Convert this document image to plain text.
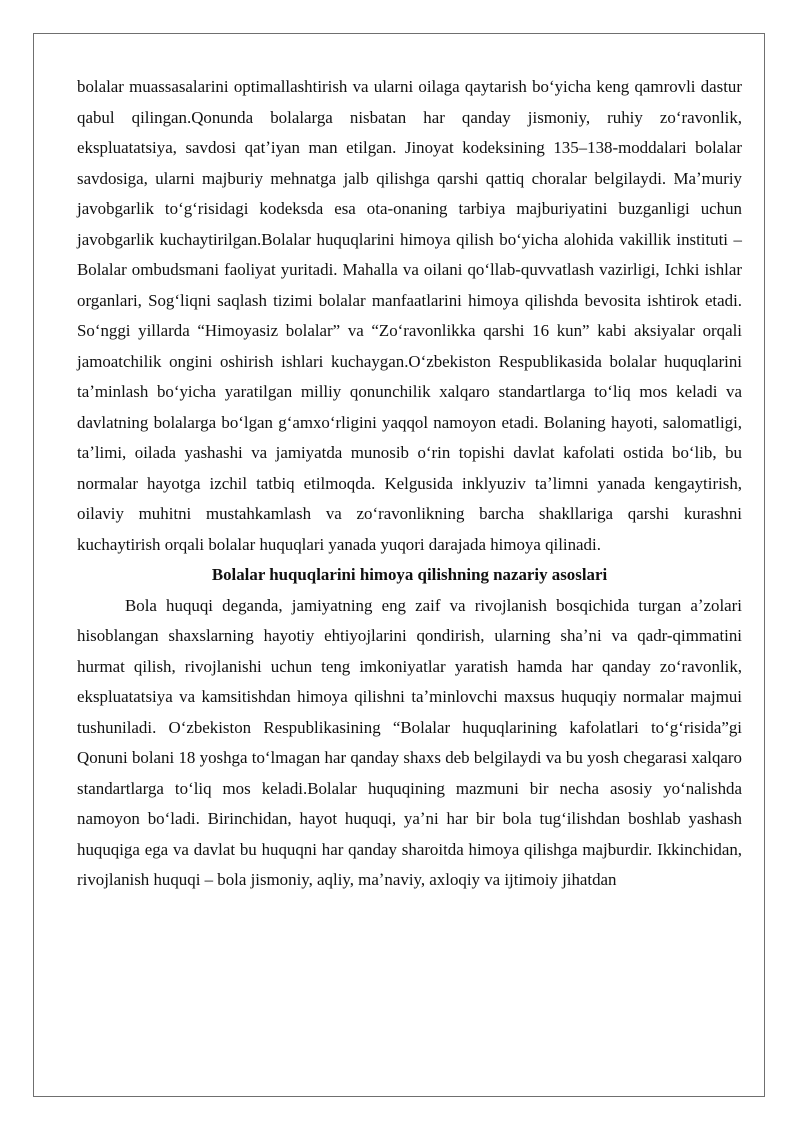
bolalar muassasalarini optimallashtirish va ularni oilaga qaytarish boʻyicha keng qamrovli dastur qabul qilingan.Qonunda bolalarga nisbatan har qanday jismoniy, ruhiy zoʻravonlik, ekspluatatsiya, savdosi qatʼiyan man etilgan. Jinoyat kodeksining 135–138-moddalari bolalar savdosiga, ularni majburiy mehnatga jalb qilishga qarshi qattiq choralar belgilaydi. Maʼmuriy javobgarlik toʻgʻrisidagi kodeksda esa ota-onaning tarbiya majburiyatini buzganligi uchun javobgarlik kuchaytirilgan.Bolalar huquqlarini himoya qilish boʻyicha alohida vakillik instituti – Bolalar ombudsmani faoliyat yuritadi. Mahalla va oilani qoʻllab-quvvatlash vazirligi, Ichki ishlar organlari, Sogʻliqni saqlash tizimi bolalar manfaatlarini himoya qilishda bevosita ishtirok etadi. Soʻnggi yillarda “Himoyasiz bolalar” va “Zoʻravonlikka qarshi 16 kun” kabi aksiyalar orqali jamoatchilik ongini oshirish ishlari kuchaygan.Oʻzbekiston Respublikasida bolalar huquqlarini taʼminlash boʻyicha yaratilgan milliy qonunchilik xalqaro standartlarga toʻliq mos keladi va davlatning bolalarga boʻlgan gʻamxoʻrligini yaqqol namoyon etadi. Bolaning hayoti, salomatligi, taʼlimi, oilada yashashi va jamiyatda munosib oʻrin topishi davlat kafolati ostida boʻlib, bu normalar hayotga izchil tatbiq etilmoqda. Kelgusida inklyuziv taʼlimni yanada kengaytirish, oilaviy muhitni mustahkamlash va zoʻravonlikning barcha shakllariga qarshi kurashni kuchaytirish orqali bolalar huquqlari yanada yuqori darajada himoya qilinadi.

Bolalar huquqlarini himoya qilishning nazariy asoslari

Bola huquqi deganda, jamiyatning eng zaif va rivojlanish bosqichida turgan aʼzolari hisoblangan shaxslarning hayotiy ehtiyojlarini qondirish, ularning shaʼni va qadr-qimmatini hurmat qilish, rivojlanishi uchun teng imkoniyatlar yaratish hamda har qanday zoʻravonlik, ekspluatatsiya va kamsitishdan himoya qilishni taʼminlovchi maxsus huquqiy normalar majmui tushuniladi. Oʻzbekiston Respublikasining “Bolalar huquqlarining kafolatlari toʻgʻrisida”gi Qonuni bolani 18 yoshga toʻlmagan har qanday shaxs deb belgilaydi va bu yosh chegarasi xalqaro standartlarga toʻliq mos keladi.Bolalar huquqining mazmuni bir necha asosiy yoʻnalishda namoyon boʻladi. Birinchidan, hayot huquqi, yaʼni har bir bola tugʻilishdan boshlab yashash huquqiga ega va davlat bu huquqni har qanday sharoitda himoya qilishga majburdir. Ikkinchidan, rivojlanish huquqi – bola jismoniy, aqliy, maʼnaviy, axloqiy va ijtimoiy jihatdan
